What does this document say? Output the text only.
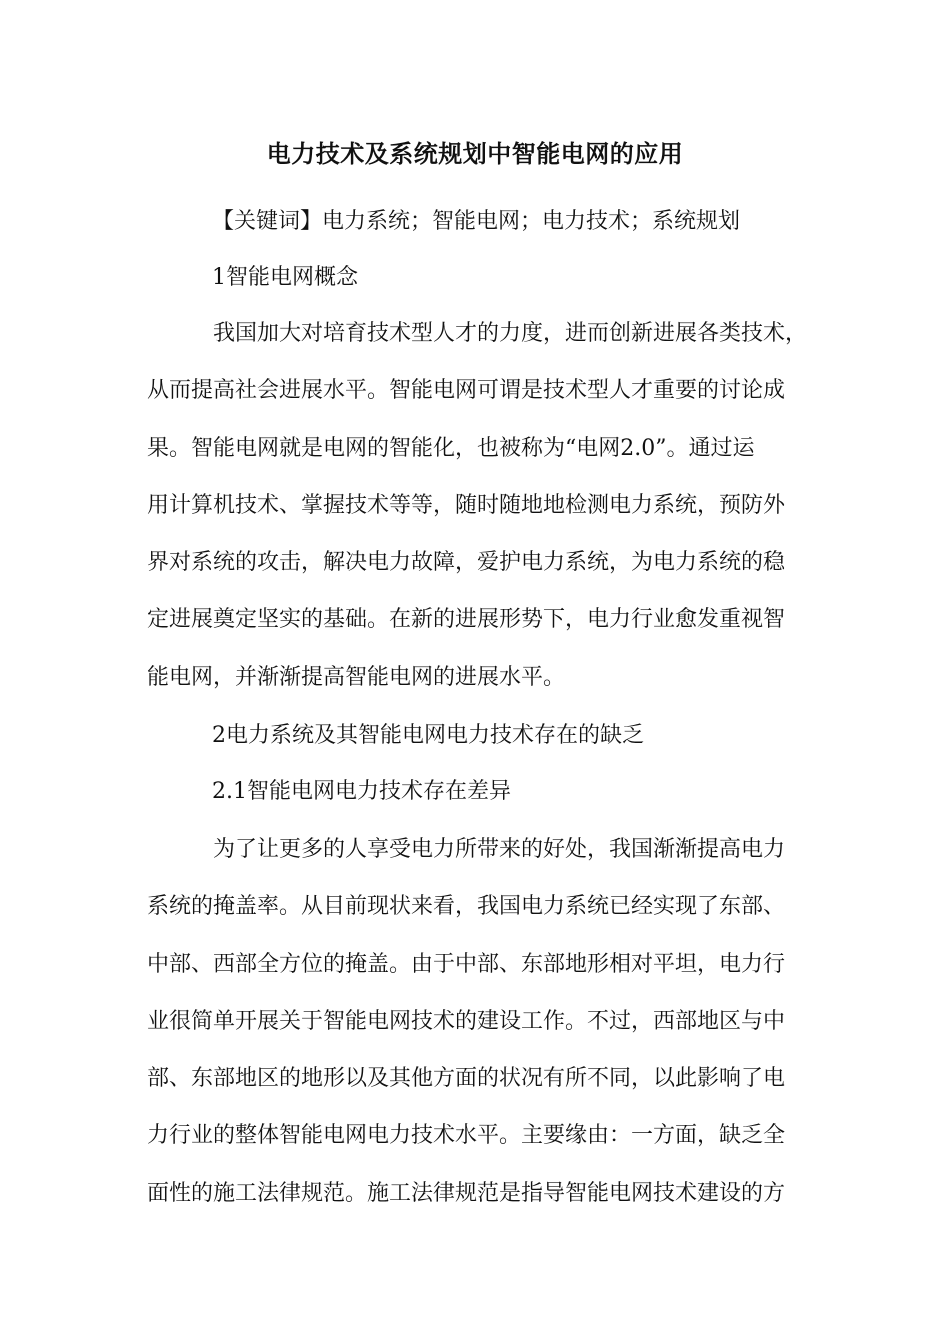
电力技术及系统规划中智能电网的应用
【关键词】电力系统；智能电网；电力技术；系统规划
1智能电网概念
我国加大对培育技术型人才的力度，进而创新进展各类技术，
从而提高社会进展水平。智能电网可谓是技术型人才重要的讨论成
果。智能电网就是电网的智能化，也被称为“电网2.0”。通过运
用计算机技术、掌握技术等等，随时随地地检测电力系统，预防外
界对系统的攻击，解决电力故障，爱护电力系统，为电力系统的稳
定进展奠定坚实的基础。在新的进展形势下，电力行业愈发重视智
能电网，并渐渐提高智能电网的进展水平。
2电力系统及其智能电网电力技术存在的缺乏
2.1智能电网电力技术存在差异
为了让更多的人享受电力所带来的好处，我国渐渐提高电力
系统的掩盖率。从目前现状来看，我国电力系统已经实现了东部、
中部、西部全方位的掩盖。由于中部、东部地形相对平坦，电力行
业很简单开展关于智能电网技术的建设工作。不过，西部地区与中
部、东部地区的地形以及其他方面的状况有所不同，以此影响了电
力行业的整体智能电网电力技术水平。主要缘由：一方面，缺乏全
面性的施工法律规范。施工法律规范是指导智能电网技术建设的方
